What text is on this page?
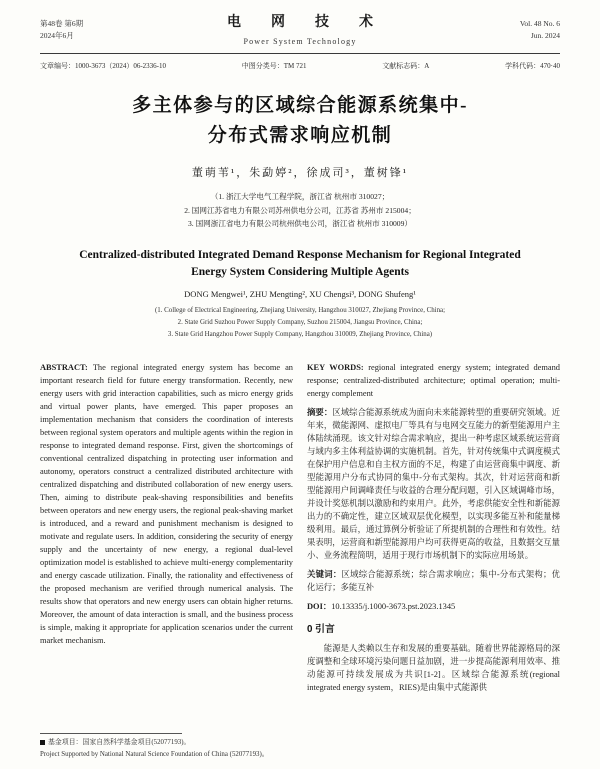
第48卷 第6期
2024年6月
电　网　技　术
Power System Technology
Vol. 48 No. 6
Jun. 2024
文章编号：1000-3673（2024）06-2336-10	中图分类号：TM 721	文献标志码：A	学科代码：470·40
多主体参与的区域综合能源系统集中-
分布式需求响应机制
董萌苇¹，朱勐婷²，徐成司³，董树锋¹
（1. 浙江大学电气工程学院，浙江省 杭州市 310027；
2. 国网江苏省电力有限公司苏州供电分公司，江苏省 苏州市 215004；
3. 国网浙江省电力有限公司杭州供电公司，浙江省 杭州市 310009）
Centralized-distributed Integrated Demand Response Mechanism for Regional Integrated
Energy System Considering Multiple Agents
DONG Mengwei¹, ZHU Mengting², XU Chengsi³, DONG Shufeng¹
(1. College of Electrical Engineering, Zhejiang University, Hangzhou 310027, Zhejiang Province, China;
2. State Grid Suzhou Power Supply Company, Suzhou 215004, Jiangsu Province, China;
3. State Grid Hangzhou Power Supply Company, Hangzhou 310009, Zhejiang Province, China)

ABSTRACT: The regional integrated energy system has become an important research field for future energy transformation. Recently, new energy users with grid interaction capabilities, such as micro energy grids and virtual power plants, have emerged. This paper proposes an implementation mechanism that considers the coordination of interests between regional system operators and multiple agents within the region in response to integrated demand response. First, given the shortcomings of conventional centralized dispatching in protecting user information and autonomy, operators construct a centralized distributed architecture with centralized dispatching and distributed collaboration of new energy users. Then, aiming to distribute peak-shaving responsibilities and benefits between operators and new energy users, the regional peak-shaving market is introduced, and a reward and punishment mechanism is designed to motivate and regulate users. In addition, considering the security of energy supply and the uncertainty of new energy, a regional dual-level optimization model is established to achieve multi-energy complementarity and energy cascade utilization. Finally, the rationality and effectiveness of the proposed mechanism are verified through numerical analysis. The results show that operators and new energy users can obtain higher returns. Moreover, the amount of data interaction is small, and the business process is simple, making it appropriate for application scenarios under the current market mechanism.

KEY WORDS: regional integrated energy system; integrated demand response; centralized-distributed architecture; optimal operation; multi-energy complement

摘要：区域综合能源系统成为面向未来能源转型的重要研究领域。近年来，微能源网、虚拟电厂等具有与电网交互能力的新型能源用户主体陆续涌现。该文针对综合需求响应，提出一种考虑区域系统运营商与域内多主体利益协调的实施机制。首先，针对传统集中式调度模式在保护用户信息和自主权方面的不足，构建了由运营商集中调度、新型能源用户分布式协同的集中-分布式架构。其次，针对运营商和新型能源用户间调峰责任与收益的合理分配问题，引入区域调峰市场，并设计奖惩机制以激励和约束用户。此外，考虑供能安全性和新能源出力的不确定性，建立区域双层优化模型，以实现多能互补和能量梯级利用。最后，通过算例分析验证了所提机制的合理性和有效性。结果表明，运营商和新型能源用户均可获得更高的收益，且数据交互量小、业务流程简明，适用于现行市场机制下的实际应用场景。

关键词：区域综合能源系统；综合需求响应；集中-分布式架构；优化运行；多能互补

DOI：10.13335/j.1000-3673.pst.2023.1345

0 引言

能源是人类赖以生存和发展的重要基础。随着世界能源格局的深度调整和全球环境污染问题日益加剧，进一步提高能源利用效率、推动能源可持续发展成为共识[1-2]。区域综合能源系统(regional integrated energy system，RIES)是由集中式能源供

基金项目：国家自然科学基金项目(52077193)。
Project Supported by National Natural Science Foundation of China (52077193)。
